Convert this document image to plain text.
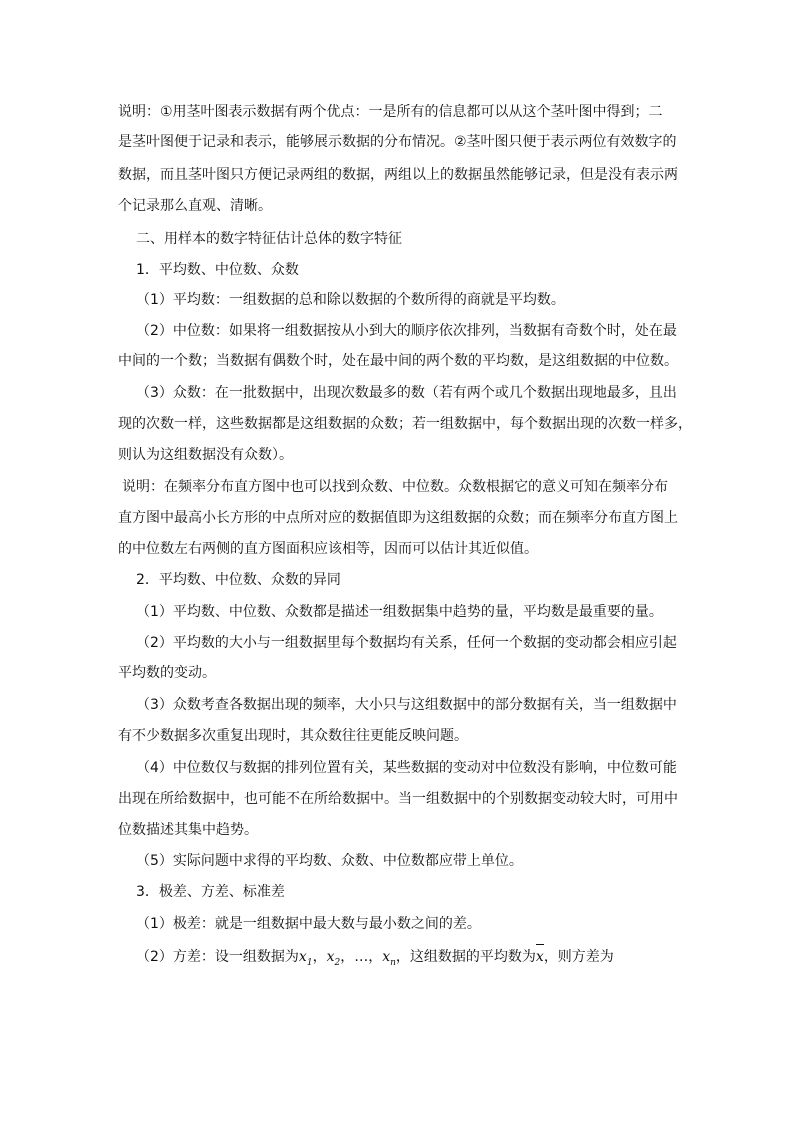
说明：①用茎叶图表示数据有两个优点：一是所有的信息都可以从这个茎叶图中得到；二
是茎叶图便于记录和表示，能够展示数据的分布情况。②茎叶图只便于表示两位有效数字的
数据，而且茎叶图只方便记录两组的数据，两组以上的数据虽然能够记录，但是没有表示两
个记录那么直观、清晰。
二、用样本的数字特征估计总体的数字特征
1．平均数、中位数、众数
（1）平均数：一组数据的总和除以数据的个数所得的商就是平均数。
（2）中位数：如果将一组数据按从小到大的顺序依次排列，当数据有奇数个时，处在最
中间的一个数；当数据有偶数个时，处在最中间的两个数的平均数，是这组数据的中位数。
（3）众数：在一批数据中，出现次数最多的数（若有两个或几个数据出现地最多，且出
现的次数一样，这些数据都是这组数据的众数；若一组数据中，每个数据出现的次数一样多，
则认为这组数据没有众数）。
说明：在频率分布直方图中也可以找到众数、中位数。众数根据它的意义可知在频率分布
直方图中最高小长方形的中点所对应的数据值即为这组数据的众数；而在频率分布直方图上
的中位数左右两侧的直方图面积应该相等，因而可以估计其近似值。
2．平均数、中位数、众数的异同
（1）平均数、中位数、众数都是描述一组数据集中趋势的量，平均数是最重要的量。
（2）平均数的大小与一组数据里每个数据均有关系，任何一个数据的变动都会相应引起
平均数的变动。
（3）众数考查各数据出现的频率，大小只与这组数据中的部分数据有关，当一组数据中
有不少数据多次重复出现时，其众数往往更能反映问题。
（4）中位数仅与数据的排列位置有关，某些数据的变动对中位数没有影响，中位数可能
出现在所给数据中，也可能不在所给数据中。当一组数据中的个别数据变动较大时，可用中
位数描述其集中趋势。
（5）实际问题中求得的平均数、众数、中位数都应带上单位。
3．极差、方差、标准差
（1）极差：就是一组数据中最大数与最小数之间的差。
（2）方差：设一组数据为$x_1$，$x_2$，…，$x_n$，这组数据的平均数为x，则方差为
